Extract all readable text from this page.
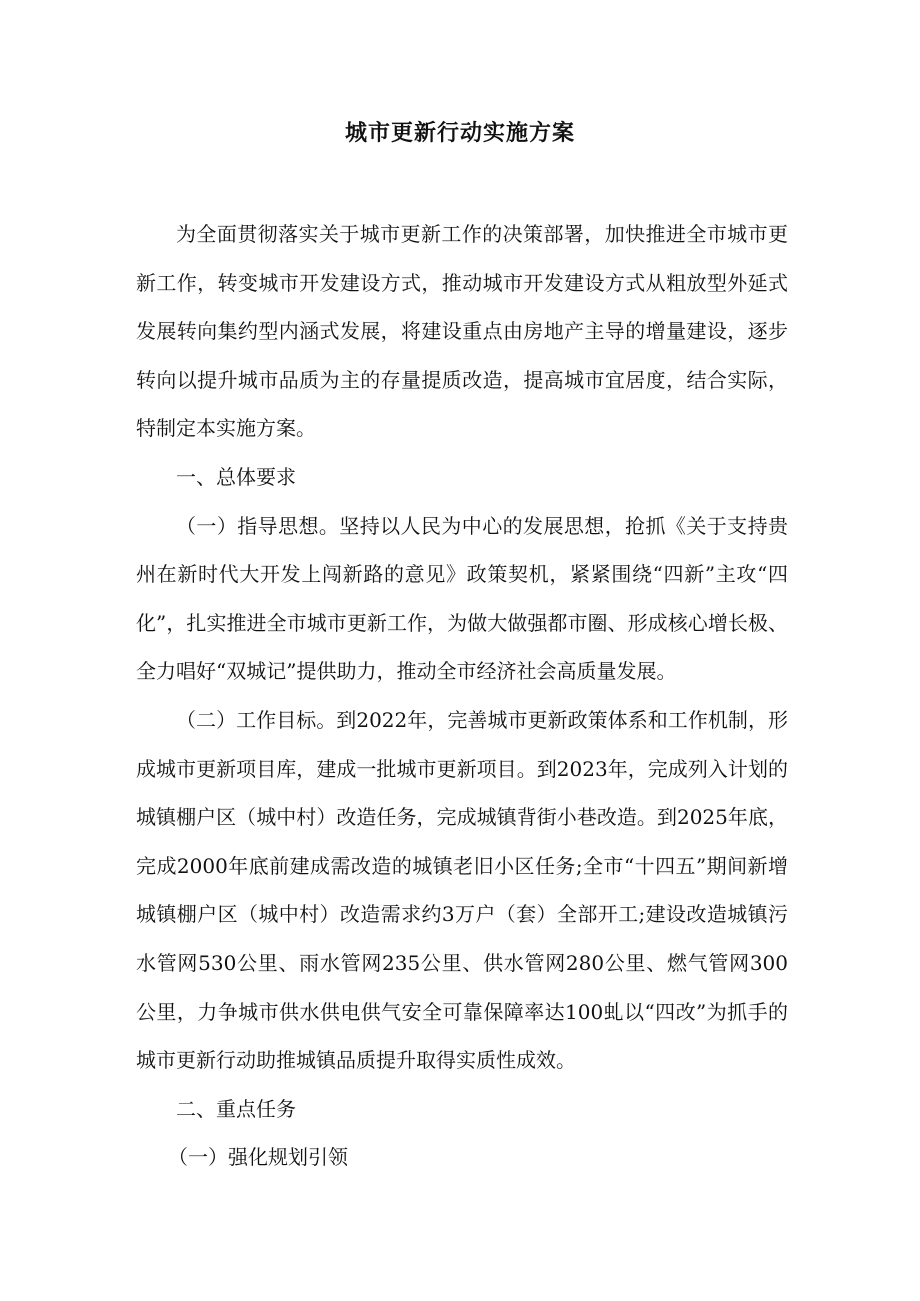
城市更新行动实施方案

为全面贯彻落实关于城市更新工作的决策部署，加快推进全市城市更新工作，转变城市开发建设方式，推动城市开发建设方式从粗放型外延式发展转向集约型内涵式发展，将建设重点由房地产主导的增量建设，逐步转向以提升城市品质为主的存量提质改造，提高城市宜居度，结合实际，特制定本实施方案。

一、总体要求

（一）指导思想。坚持以人民为中心的发展思想，抢抓《关于支持贵州在新时代大开发上闯新路的意见》政策契机，紧紧围绕“四新”主攻“四化”，扎实推进全市城市更新工作，为做大做强都市圈、形成核心增长极、全力唱好“双城记”提供助力，推动全市经济社会高质量发展。

（二）工作目标。到2022年，完善城市更新政策体系和工作机制，形成城市更新项目库，建成一批城市更新项目。到2023年，完成列入计划的城镇棚户区（城中村）改造任务，完成城镇背街小巷改造。到2025年底，完成2000年底前建成需改造的城镇老旧小区任务;全市“十四五”期间新增城镇棚户区（城中村）改造需求约3万户（套）全部开工;建设改造城镇污水管网530公里、雨水管网235公里、供水管网280公里、燃气管网300公里，力争城市供水供电供气安全可靠保障率达100虬以“四改”为抓手的城市更新行动助推城镇品质提升取得实质性成效。

二、重点任务

（一）强化规划引领
